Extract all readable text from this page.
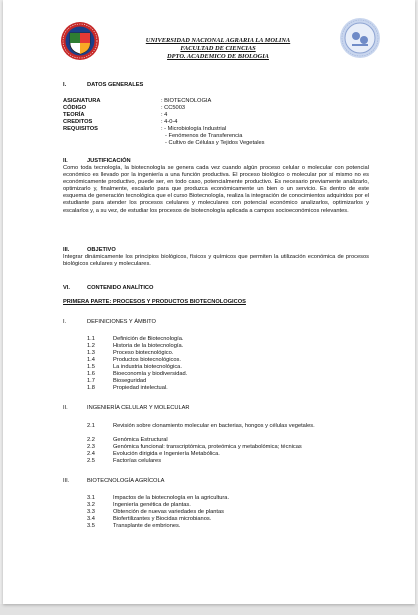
UNIVERSIDAD NACIONAL AGRARIA LA MOLINA
FACULTAD DE CIENCIAS
DPTO. ACADEMICO DE BIOLOGIA
I.	DATOS GENERALES
ASIGNATURA	: BIOTECNOLOGIA
CÓDIGO	: CC5003
TEORÍA	: 4
CREDITOS	: 4-0-4
REQUISITOS	: - Microbiología Industrial
- Fenómenos de Transferencia
- Cultivo de Células y Tejidos Vegetales
II.	JUSTIFICACIÓN
Como toda tecnología, la biotecnología se genera cada vez cuando algún proceso celular o molecular con potencial económico es llevado por la ingeniería a una función productiva. El proceso biológico o molecular por sí mismo no es económicamente productivo, puede ser, en todo caso, potencialmente productivo. Es necesario previamente analizarlo, optimizarlo y, finalmente, escalarlo para que produzca económicamente un bien o un servicio. Es dentro de este esquema de generación tecnológica que el curso Biotecnología, realiza la integración de conocimientos adquiridos por el estudiante para atender los procesos celulares y moleculares con potencial económico analizarlos, optimizarlos y escalarlos y, a su vez, de estudiar los procesos de biotecnología aplicada a campos socioeconómicos relevantes.
III.	OBJETIVO
Integrar dinámicamente los principios biológicos, físicos y químicos que permiten la utilización económica de procesos biológicos celulares y moleculares.
VI.	CONTENIDO ANALÍTICO
PRIMERA PARTE: PROCESOS Y PRODUCTOS BIOTECNOLOGICOS
I.	DEFINICIONES Y ÁMBITO
1.1	Definición de Biotecnología.
1.2	Historia de la biotecnología.
1.3	Proceso biotecnológico.
1.4	Productos biotecnológicos.
1.5	La industria biotecnológica.
1.6	Bioeconomía y biodiversidad.
1.7	Bioseguridad
1.8	Propiedad intelectual.
II.	INGENIERÍA CELULAR Y MOLECULAR
2.1	Revisión sobre clonamiento molecular en bacterias, hongos y células vegetales.
2.2	Genómica Estructural
2.3	Genómica funcional: transcriptómica, proteómica y metabolómica; técnicas
2.4	Evolución dirigida e Ingeniería Metabólica.
2.5	Factorías celulares
III.	BIOTECNOLOGÍA AGRÍCOLA
3.1	Impactos de la biotecnología en la agricultura.
3.2	Ingeniería genética de plantas.
3.3	Obtención de nuevas variedades de plantas
3.4	Biofertilizantes y Biocidas microbianos.
3.5	Transplante de embriones.
